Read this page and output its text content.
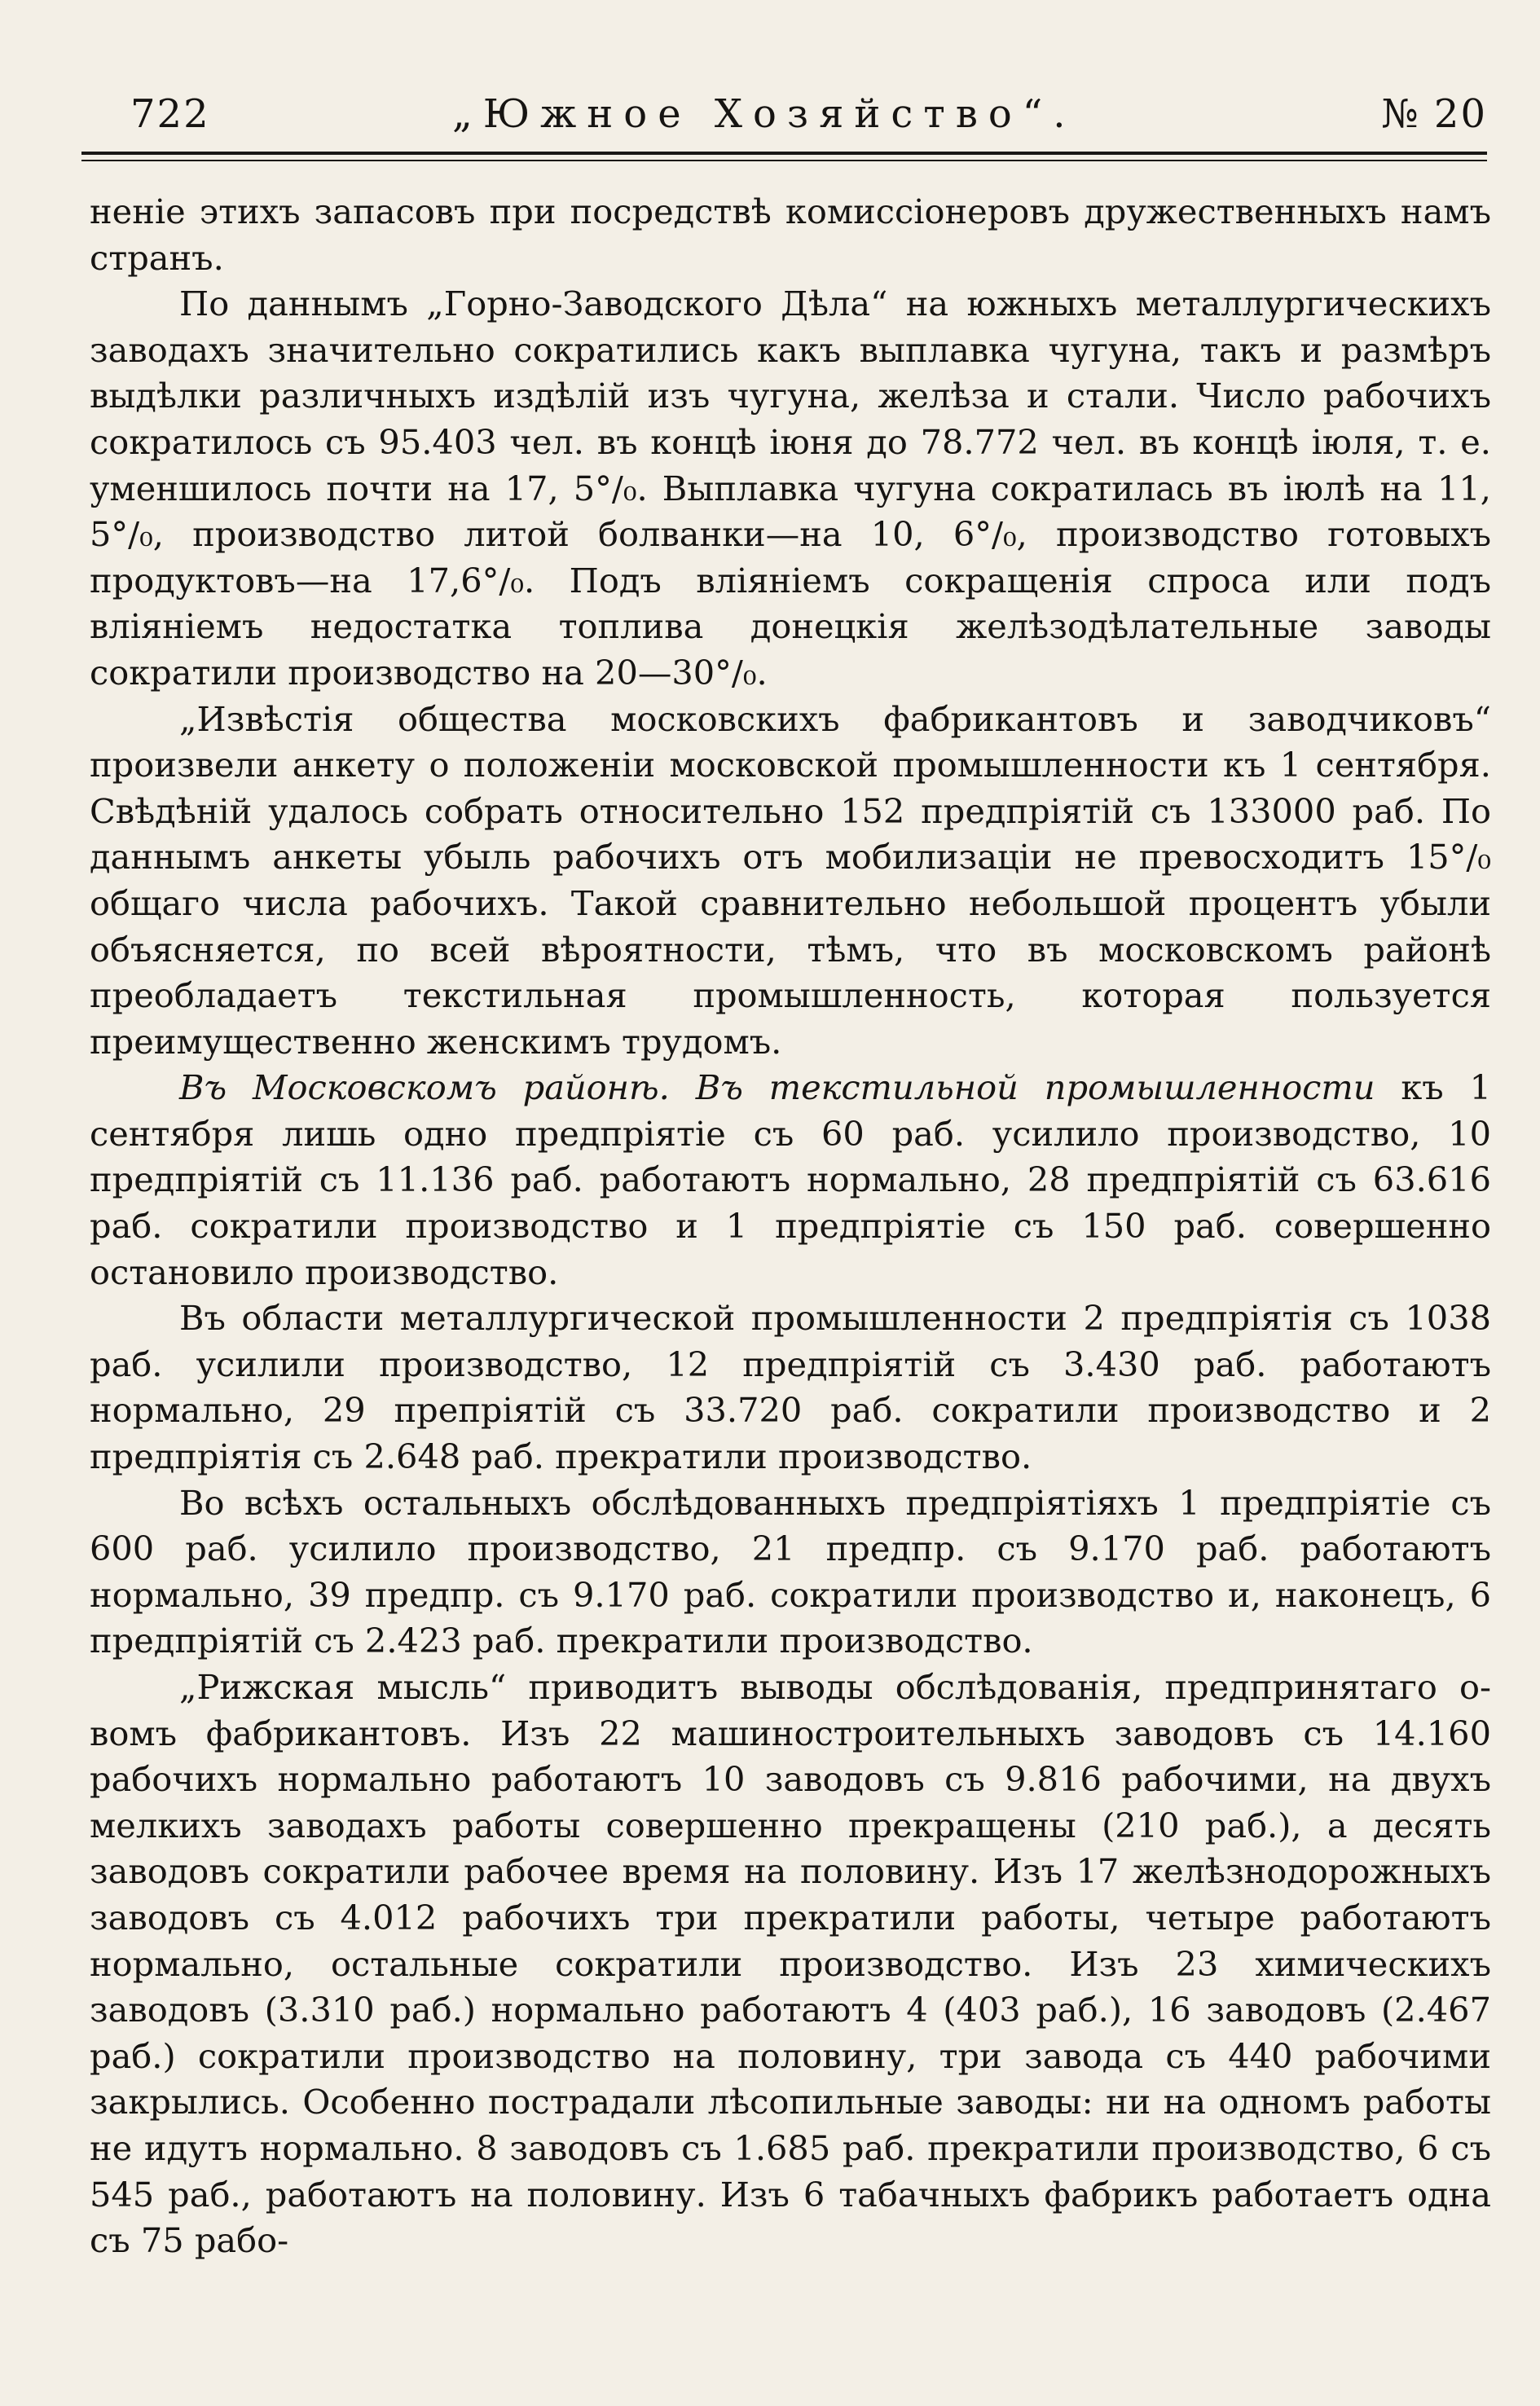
722	„Южное Хозяйство“.	№ 20

ненiе этихъ запасовъ при посредствѣ комиссiонеровъ дружественныхъ намъ странъ.

По даннымъ „Горно-Заводского Дѣла“ на южныхъ металлургическихъ заводахъ значительно сократились какъ выплавка чугуна, такъ и размѣръ выдѣлки различныхъ издѣлiй изъ чугуна, желѣза и стали. Число рабочихъ сократилось съ 95.403 чел. въ концѣ iюня до 78.772 чел. въ концѣ iюля, т. е. уменшилось почти на 17, 5°/₀. Выплавка чугуна сократилась въ iюлѣ на 11, 5°/₀, производство литой болванки—на 10, 6°/₀, производство готовыхъ продуктовъ—на 17,6°/₀. Подъ влiянiемъ сокращенiя спроса или подъ влiянiемъ недостатка топлива донецкiя желѣзодѣлательные заводы сократили производство на 20—30°/₀.

„Извѣстiя общества московскихъ фабрикантовъ и заводчиковъ“ произвели анкету о положенiи московской промышленности къ 1 сентября. Свѣдѣнiй удалось собрать относительно 152 предпрiятiй съ 133000 раб. По даннымъ анкеты убыль рабочихъ отъ мобилизацiи не превосходитъ 15°/₀ общаго числа рабочихъ. Такой сравнительно небольшой процентъ убыли объясняется, по всей вѣроятности, тѣмъ, что въ московскомъ районѣ преобладаетъ текстильная промышленность, которая пользуется преимущественно женскимъ трудомъ.

Въ Московскомъ районѣ. Въ текстильной промышленности къ 1 сентября лишь одно предпрiятiе съ 60 раб. усилило производство, 10 предпрiятiй съ 11.136 раб. работаютъ нормально, 28 предпрiятiй съ 63.616 раб. сократили производство и 1 предпрiятiе съ 150 раб. совершенно остановило производство.

Въ области металлургической промышленности 2 предпрiятiя съ 1038 раб. усилили производство, 12 предпрiятiй съ 3.430 раб. работаютъ нормально, 29 препрiятiй съ 33.720 раб. сократили производство и 2 предпрiятiя съ 2.648 раб. прекратили производство.

Во всѣхъ остальныхъ обслѣдованныхъ предпрiятiяхъ 1 предпрiятiе съ 600 раб. усилило производство, 21 предпр. съ 9.170 раб. работаютъ нормально, 39 предпр. съ 9.170 раб. сократили производство и, наконецъ, 6 предпрiятiй съ 2.423 раб. прекратили производство.

„Рижская мысль“ приводитъ выводы обслѣдованiя, предпринятаго о-вомъ фабрикантовъ. Изъ 22 машиностроительныхъ заводовъ съ 14.160 рабочихъ нормально работаютъ 10 заводовъ съ 9.816 рабочими, на двухъ мелкихъ заводахъ работы совершенно прекращены (210 раб.), а десять заводовъ сократили рабочее время на половину. Изъ 17 желѣзнодорожныхъ заводовъ съ 4.012 рабочихъ три прекратили работы, четыре работаютъ нормально, остальные сократили производство. Изъ 23 химическихъ заводовъ (3.310 раб.) нормально работаютъ 4 (403 раб.), 16 заводовъ (2.467 раб.) сократили производство на половину, три завода съ 440 рабочими закрылись. Особенно пострадали лѣсопильные заводы: ни на одномъ работы не идутъ нормально. 8 заводовъ съ 1.685 раб. прекратили производство, 6 съ 545 раб., работаютъ на половину. Изъ 6 табачныхъ фабрикъ работаетъ одна съ 75 рабо-
